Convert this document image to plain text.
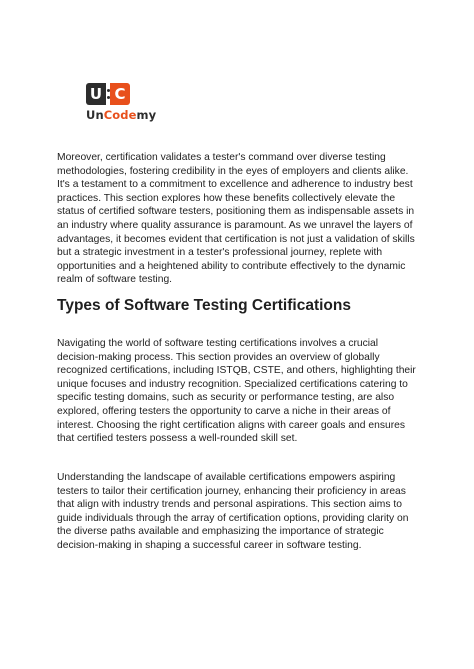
U C
UnCodemy

Moreover, certification validates a tester's command over diverse testing methodologies, fostering credibility in the eyes of employers and clients alike. It's a testament to a commitment to excellence and adherence to industry best practices. This section explores how these benefits collectively elevate the status of certified software testers, positioning them as indispensable assets in an industry where quality assurance is paramount. As we unravel the layers of advantages, it becomes evident that certification is not just a validation of skills but a strategic investment in a tester's professional journey, replete with opportunities and a heightened ability to contribute effectively to the dynamic realm of software testing.

Types of Software Testing Certifications

Navigating the world of software testing certifications involves a crucial decision-making process. This section provides an overview of globally recognized certifications, including ISTQB, CSTE, and others, highlighting their unique focuses and industry recognition. Specialized certifications catering to specific testing domains, such as security or performance testing, are also explored, offering testers the opportunity to carve a niche in their areas of interest. Choosing the right certification aligns with career goals and ensures that certified testers possess a well-rounded skill set.

Understanding the landscape of available certifications empowers aspiring testers to tailor their certification journey, enhancing their proficiency in areas that align with industry trends and personal aspirations. This section aims to guide individuals through the array of certification options, providing clarity on the diverse paths available and emphasizing the importance of strategic decision-making in shaping a successful career in software testing.
